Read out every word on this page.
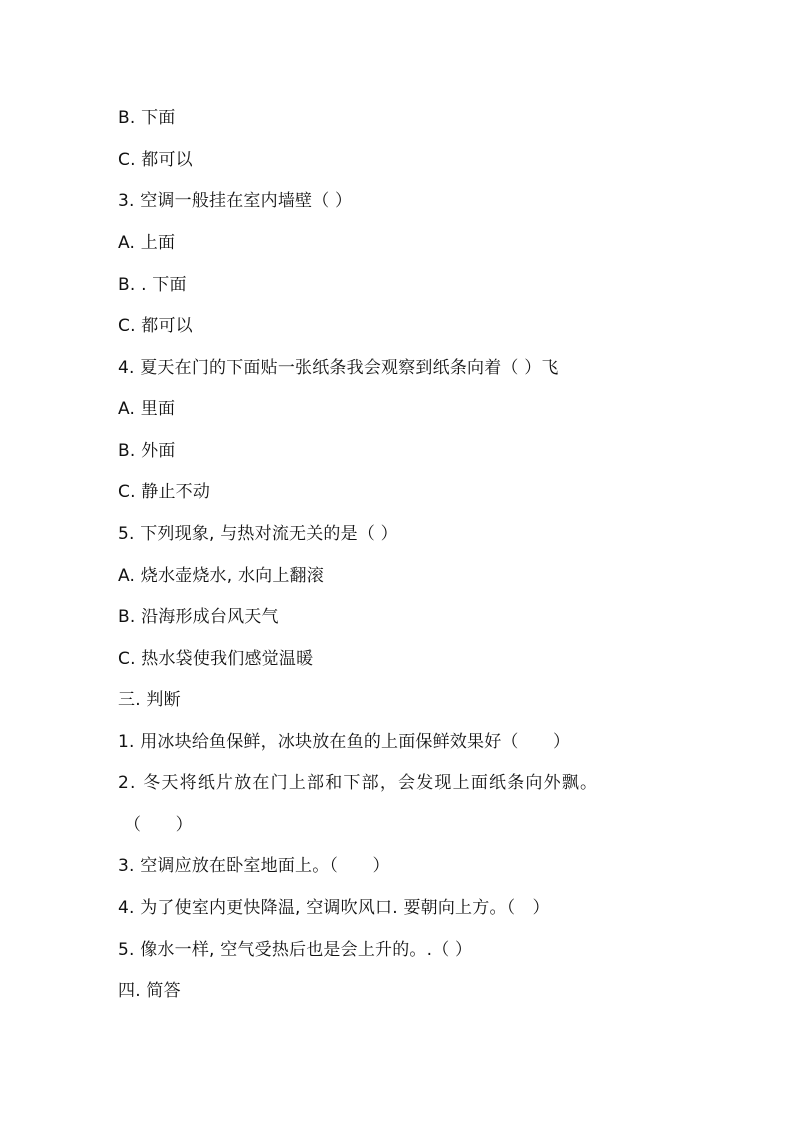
B. 下面
C. 都可以
3. 空调一般挂在室内墙壁（ ）
A. 上面
B. . 下面
C. 都可以
4. 夏天在门的下面贴一张纸条我会观察到纸条向着（ ）飞
A. 里面
B. 外面
C. 静止不动
5. 下列现象, 与热对流无关的是（ ）
A. 烧水壶烧水, 水向上翻滚
B. 沿海形成台风天气
C. 热水袋使我们感觉温暖
三. 判断
1. 用冰块给鱼保鲜，冰块放在鱼的上面保鲜效果好（　　）
2. 冬天将纸片放在门上部和下部，会发现上面纸条向外飘。
（　　）
3. 空调应放在卧室地面上。（　　）
4. 为了使室内更快降温, 空调吹风口. 要朝向上方。（　）
5. 像水一样, 空气受热后也是会上升的。.（ ）
四. 简答
